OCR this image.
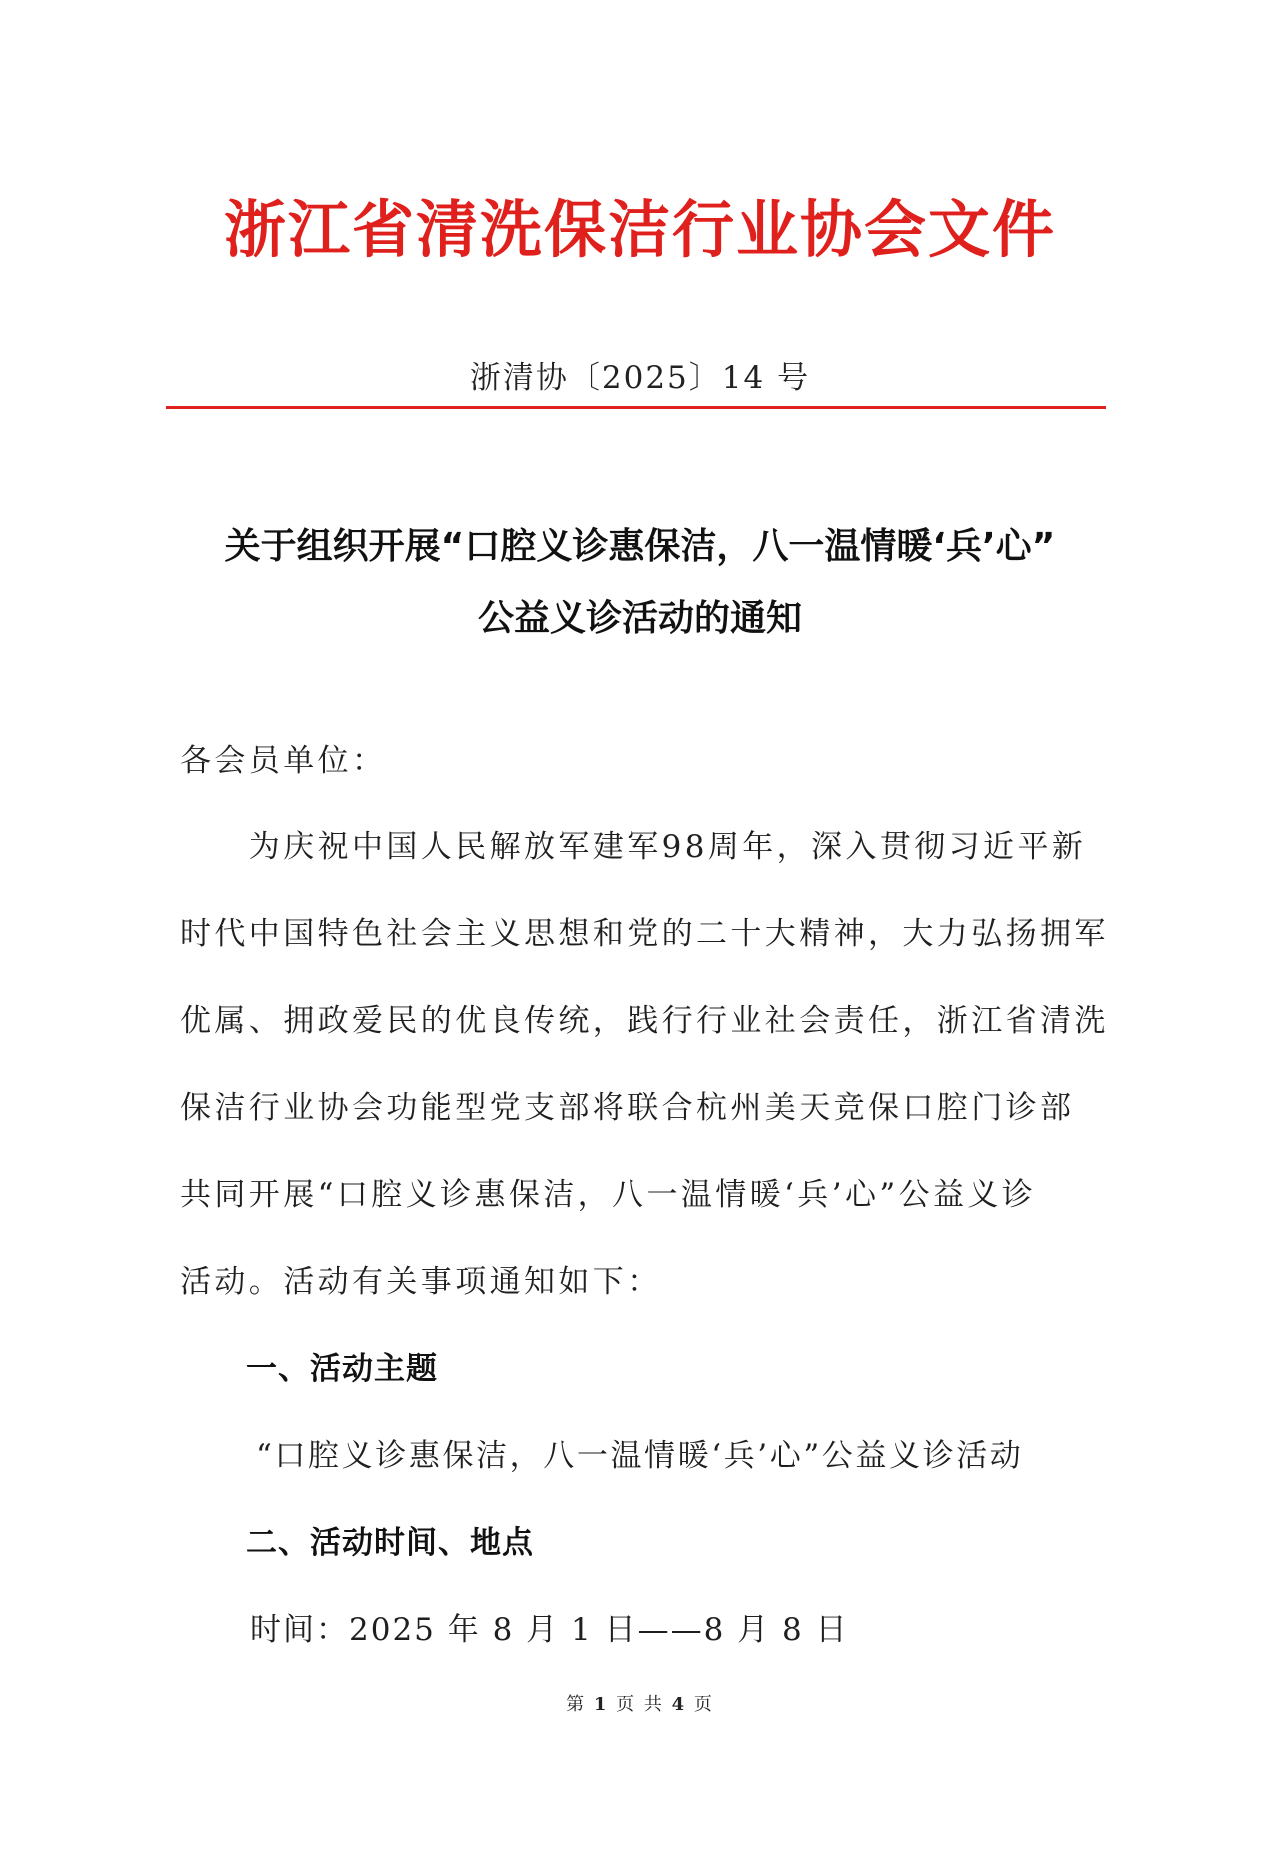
浙江省清洗保洁行业协会文件
浙清协〔2025〕14 号
关于组织开展“口腔义诊惠保洁，八一温情暖‘兵’心”
公益义诊活动的通知
各会员单位：
　　为庆祝中国人民解放军建军98周年，深入贯彻习近平新
时代中国特色社会主义思想和党的二十大精神，大力弘扬拥军
优属、拥政爱民的优良传统，践行行业社会责任，浙江省清洗
保洁行业协会功能型党支部将联合杭州美天竞保口腔门诊部
共同开展“口腔义诊惠保洁，八一温情暖‘兵’心”公益义诊
活动。活动有关事项通知如下：
一、活动主题
“口腔义诊惠保洁，八一温情暖‘兵’心”公益义诊活动
二、活动时间、地点
时间：2025 年 8 月 1 日——8 月 8 日
第 1 页 共 4 页
